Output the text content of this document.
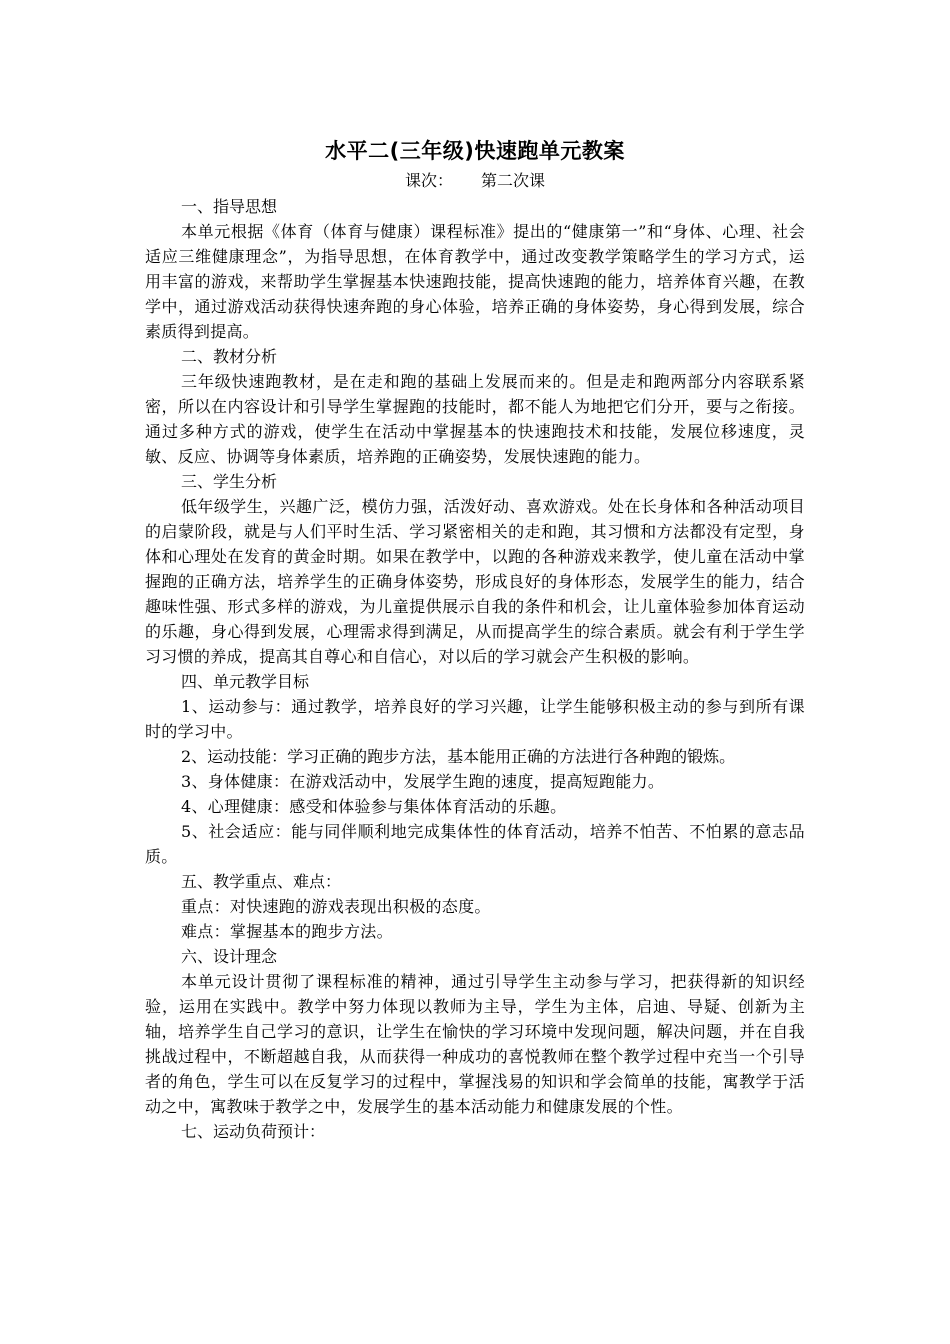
水平二(三年级)快速跑单元教案
课次： 第二次课
一、指导思想

本单元根据《体育（体育与健康）课程标准》提出的“健康第一”和“身体、心理、社会适应三维健康理念”，为指导思想，在体育教学中，通过改变教学策略学生的学习方式，运用丰富的游戏，来帮助学生掌握基本快速跑技能，提高快速跑的能力，培养体育兴趣，在教学中，通过游戏活动获得快速奔跑的身心体验，培养正确的身体姿势，身心得到发展，综合素质得到提高。

二、教材分析

三年级快速跑教材，是在走和跑的基础上发展而来的。但是走和跑两部分内容联系紧密，所以在内容设计和引导学生掌握跑的技能时，都不能人为地把它们分开，要与之衔接。通过多种方式的游戏，使学生在活动中掌握基本的快速跑技术和技能，发展位移速度，灵敏、反应、协调等身体素质，培养跑的正确姿势，发展快速跑的能力。

三、学生分析

低年级学生，兴趣广泛，模仿力强，活泼好动、喜欢游戏。处在长身体和各种活动项目的启蒙阶段，就是与人们平时生活、学习紧密相关的走和跑，其习惯和方法都没有定型，身体和心理处在发育的黄金时期。如果在教学中，以跑的各种游戏来教学，使儿童在活动中掌握跑的正确方法，培养学生的正确身体姿势，形成良好的身体形态，发展学生的能力，结合趣味性强、形式多样的游戏，为儿童提供展示自我的条件和机会，让儿童体验参加体育运动的乐趣，身心得到发展，心理需求得到满足，从而提高学生的综合素质。就会有利于学生学习习惯的养成，提高其自尊心和自信心，对以后的学习就会产生积极的影响。

四、单元教学目标

1、运动参与：通过教学，培养良好的学习兴趣，让学生能够积极主动的参与到所有课时的学习中。

2、运动技能：学习正确的跑步方法，基本能用正确的方法进行各种跑的锻炼。

3、身体健康：在游戏活动中，发展学生跑的速度，提高短跑能力。

4、心理健康：感受和体验参与集体体育活动的乐趣。

5、社会适应：能与同伴顺利地完成集体性的体育活动，培养不怕苦、不怕累的意志品质。

五、教学重点、难点：

重点：对快速跑的游戏表现出积极的态度。

难点：掌握基本的跑步方法。

六、设计理念

本单元设计贯彻了课程标准的精神，通过引导学生主动参与学习，把获得新的知识经验，运用在实践中。教学中努力体现以教师为主导，学生为主体，启迪、导疑、创新为主轴，培养学生自己学习的意识，让学生在愉快的学习环境中发现问题，解决问题，并在自我挑战过程中，不断超越自我，从而获得一种成功的喜悦教师在整个教学过程中充当一个引导者的角色，学生可以在反复学习的过程中，掌握浅易的知识和学会简单的技能，寓教学于活动之中，寓教味于教学之中，发展学生的基本活动能力和健康发展的个性。

七、运动负荷预计：
